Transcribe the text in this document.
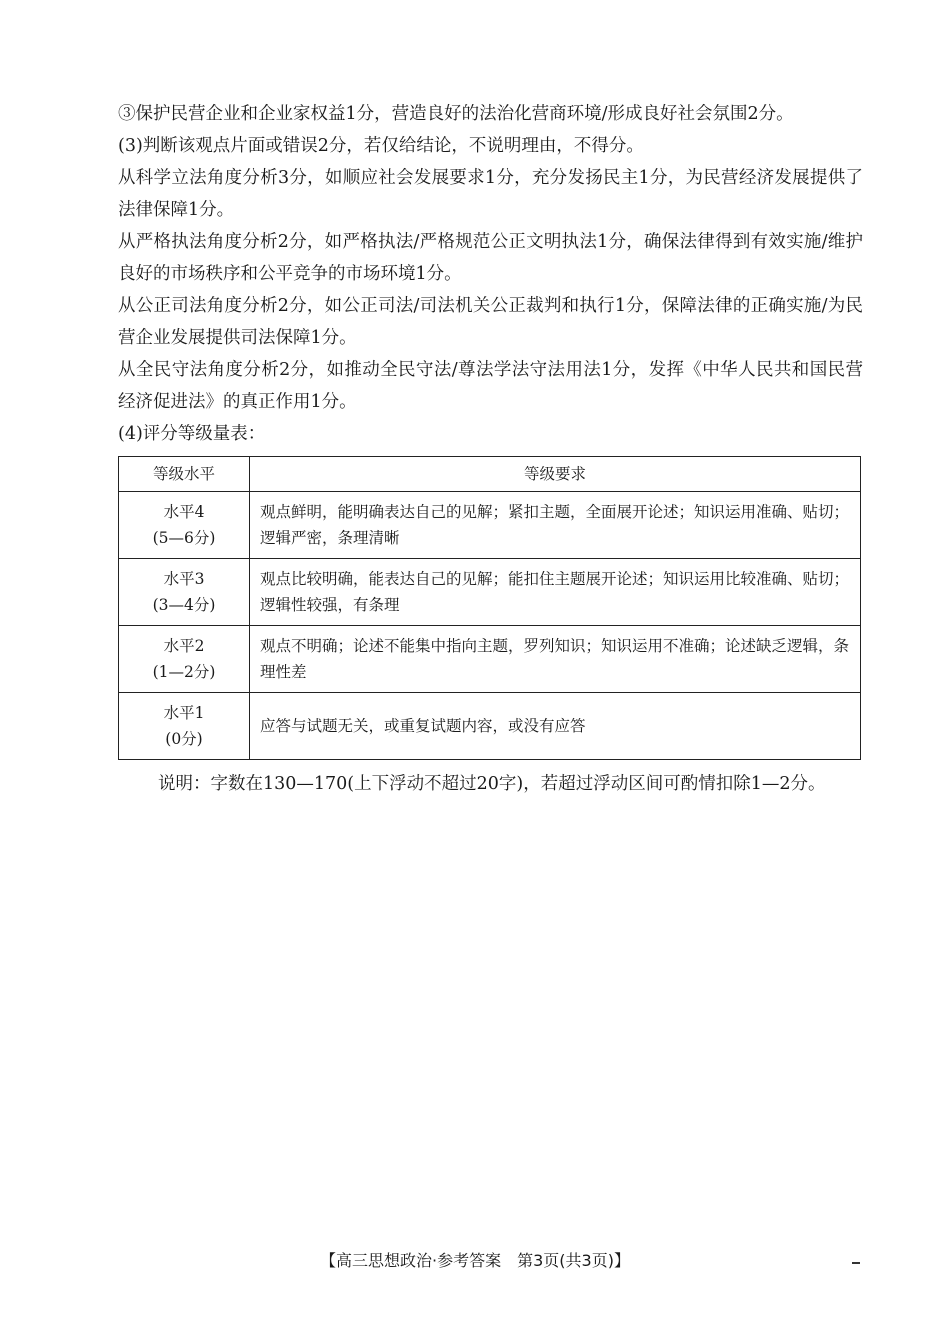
③保护民营企业和企业家权益1分，营造良好的法治化营商环境/形成良好社会氛围2分。

(3)判断该观点片面或错误2分，若仅给结论，不说明理由，不得分。

从科学立法角度分析3分，如顺应社会发展要求1分，充分发扬民主1分，为民营经济发展提供了法律保障1分。

从严格执法角度分析2分，如严格执法/严格规范公正文明执法1分，确保法律得到有效实施/维护良好的市场秩序和公平竞争的市场环境1分。

从公正司法角度分析2分，如公正司法/司法机关公正裁判和执行1分，保障法律的正确实施/为民营企业发展提供司法保障1分。

从全民守法角度分析2分，如推动全民守法/尊法学法守法用法1分，发挥《中华人民共和国民营经济促进法》的真正作用1分。

(4)评分等级量表：

等级水平	等级要求

水平4
(5—6分)	观点鲜明，能明确表达自己的见解；紧扣主题，全面展开论述；知识运用准确、贴切；逻辑严密，条理清晰

水平3
(3—4分)	观点比较明确，能表达自己的见解；能扣住主题展开论述；知识运用比较准确、贴切；逻辑性较强，有条理

水平2
(1—2分)	观点不明确；论述不能集中指向主题，罗列知识；知识运用不准确；论述缺乏逻辑，条理性差

水平1
(0分)	应答与试题无关，或重复试题内容，或没有应答

说明：字数在130—170(上下浮动不超过20字)，若超过浮动区间可酌情扣除1—2分。

【高三思想政治·参考答案　第3页(共3页)】
